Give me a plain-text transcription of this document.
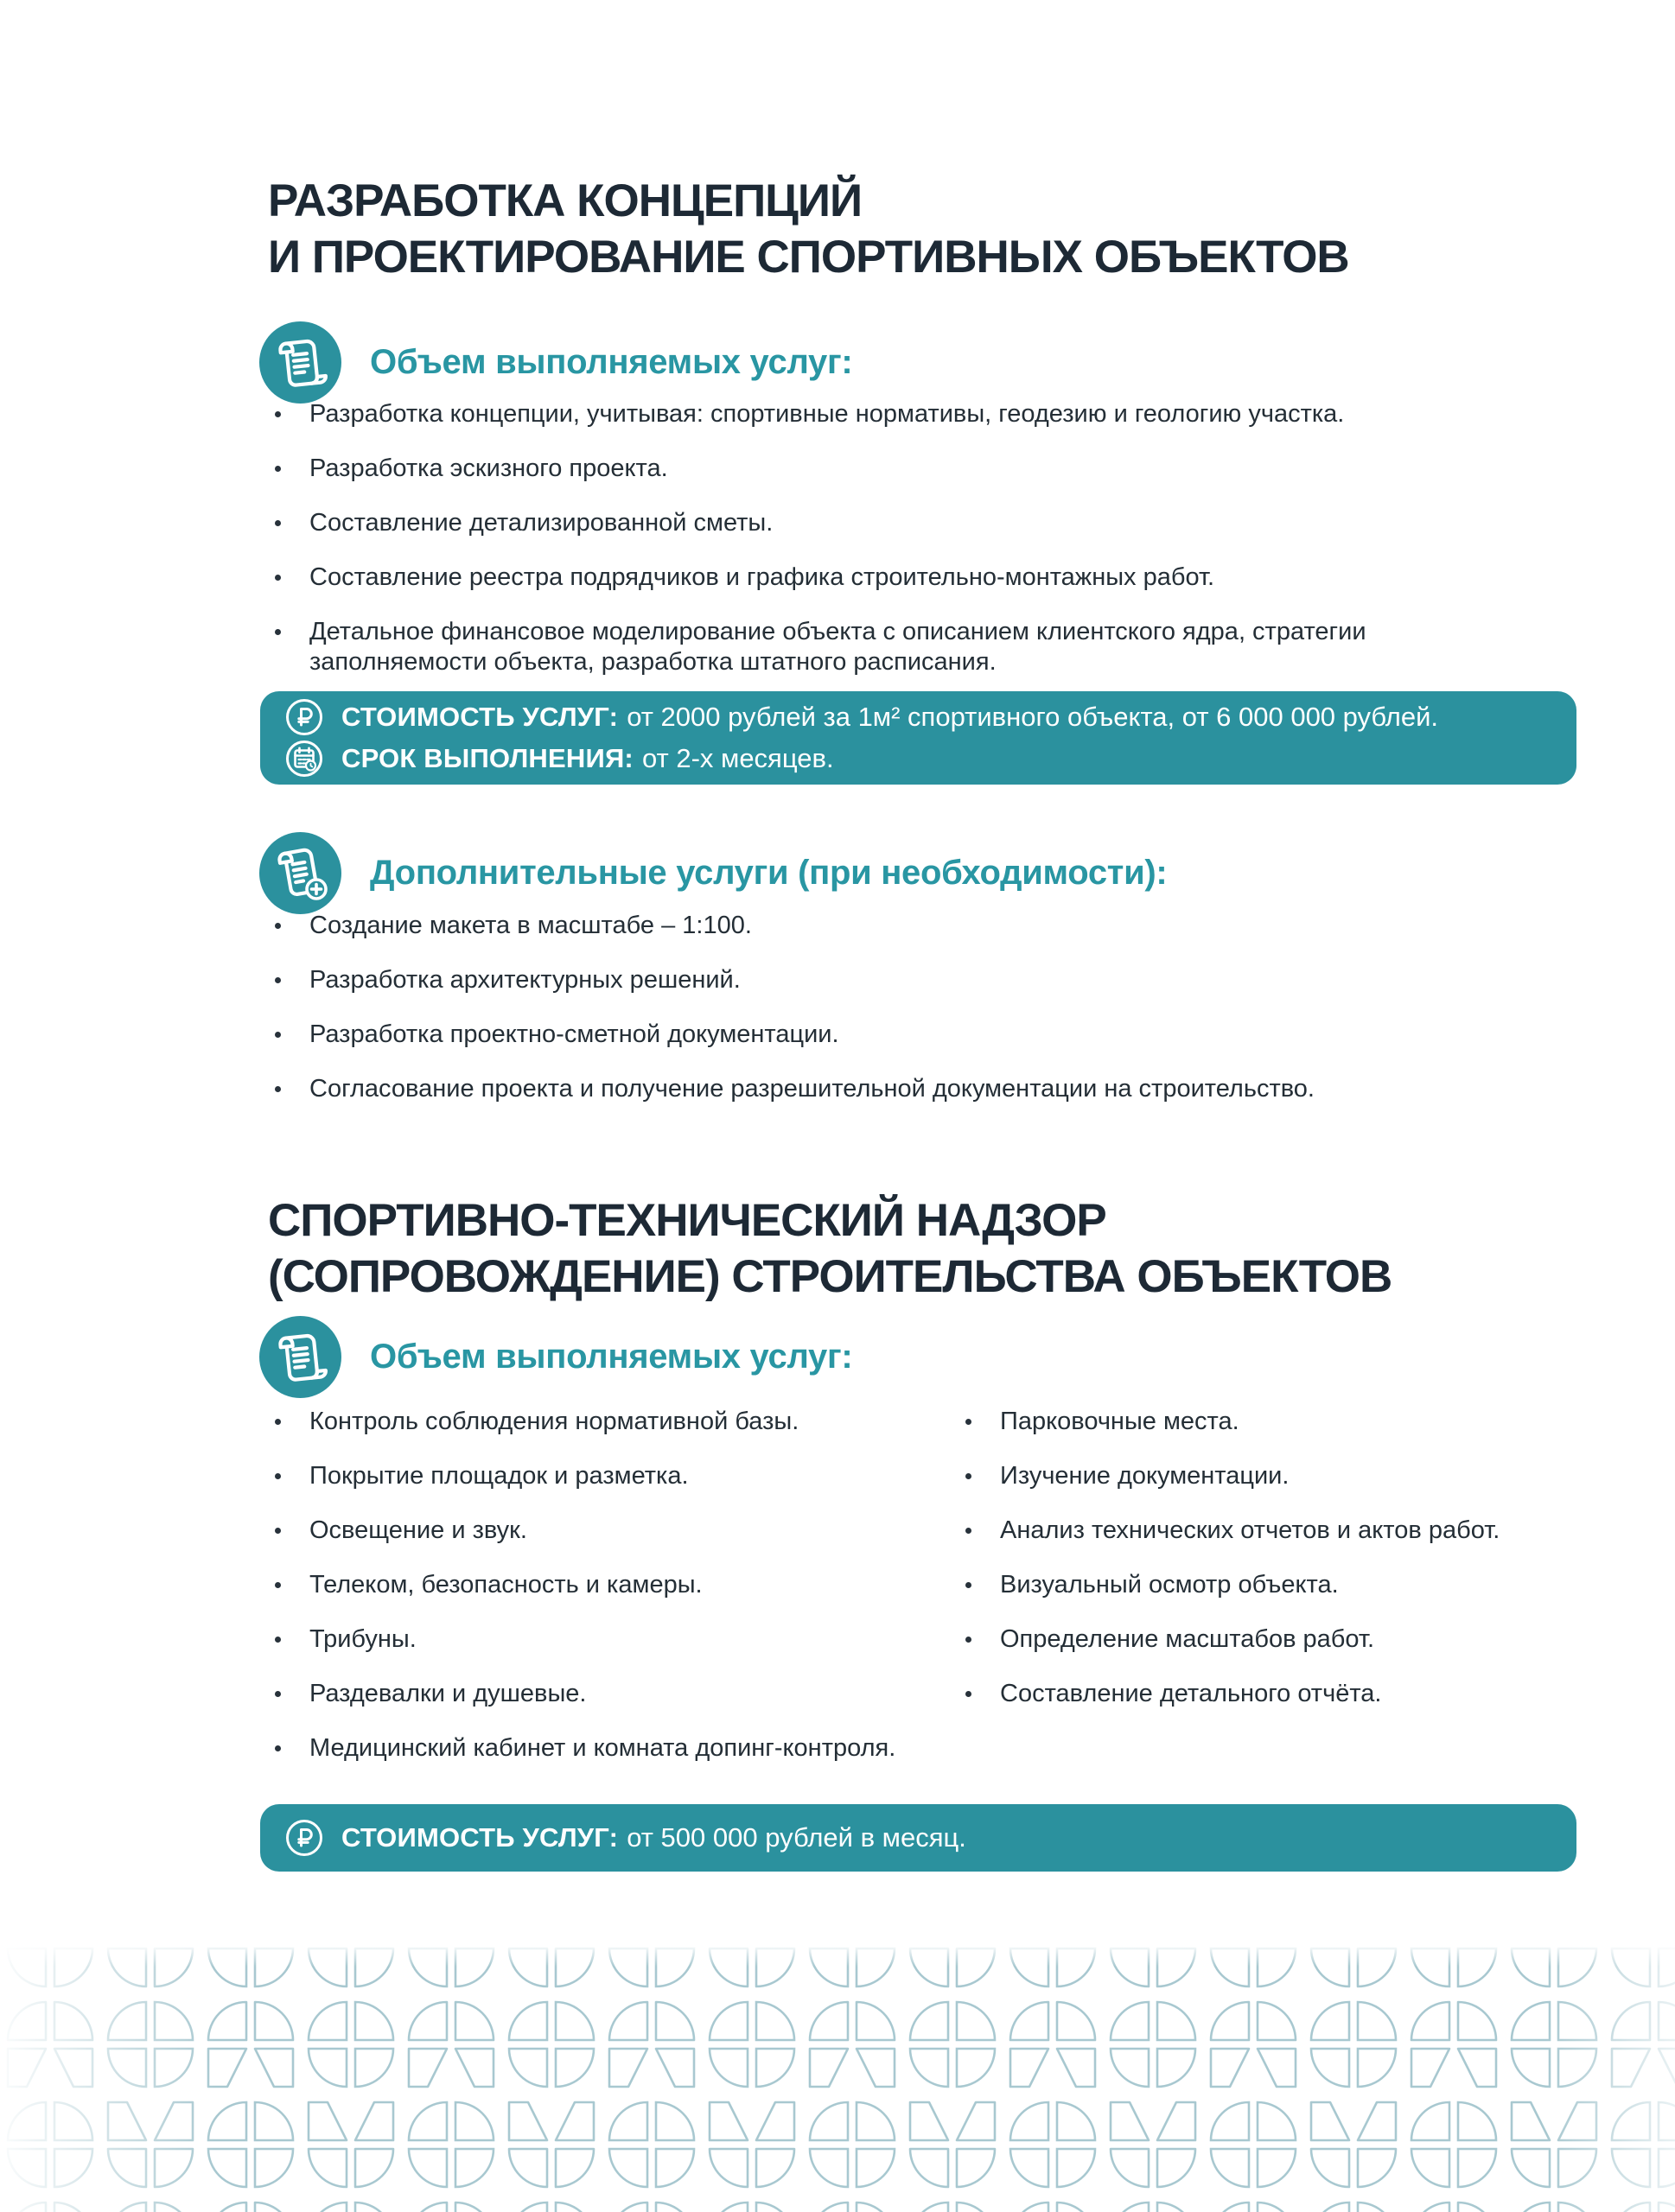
РАЗРАБОТКА КОНЦЕПЦИЙ
И ПРОЕКТИРОВАНИЕ СПОРТИВНЫХ ОБЪЕКТОВ
Объем выполняемых услуг:
Разработка концепции, учитывая: спортивные нормативы, геодезию и геологию участка.
Разработка эскизного проекта.
Составление детализированной сметы.
Составление реестра подрядчиков и графика строительно-монтажных работ.
Детальное финансовое моделирование объекта с описанием клиентского ядра, стратегии заполняемости объекта, разработка штатного расписания.
СТОИМОСТЬ УСЛУГ: от 2000 рублей за 1м² спортивного объекта, от 6 000 000 рублей.
СРОК ВЫПОЛНЕНИЯ: от 2-х месяцев.
Дополнительные услуги (при необходимости):
Создание макета в масштабе – 1:100.
Разработка архитектурных решений.
Разработка проектно-сметной документации.
Согласование проекта и получение разрешительной документации на строительство.
СПОРТИВНО-ТЕХНИЧЕСКИЙ НАДЗОР
(СОПРОВОЖДЕНИЕ) СТРОИТЕЛЬСТВА ОБЪЕКТОВ
Объем выполняемых услуг:
Контроль соблюдения нормативной базы.
Покрытие площадок и разметка.
Освещение и звук.
Телеком, безопасность и камеры.
Трибуны.
Раздевалки и душевые.
Медицинский кабинет и комната допинг-контроля.
Парковочные места.
Изучение документации.
Анализ технических отчетов и актов работ.
Визуальный осмотр объекта.
Определение масштабов работ.
Составление детального отчёта.
СТОИМОСТЬ УСЛУГ: от 500 000 рублей в месяц.
